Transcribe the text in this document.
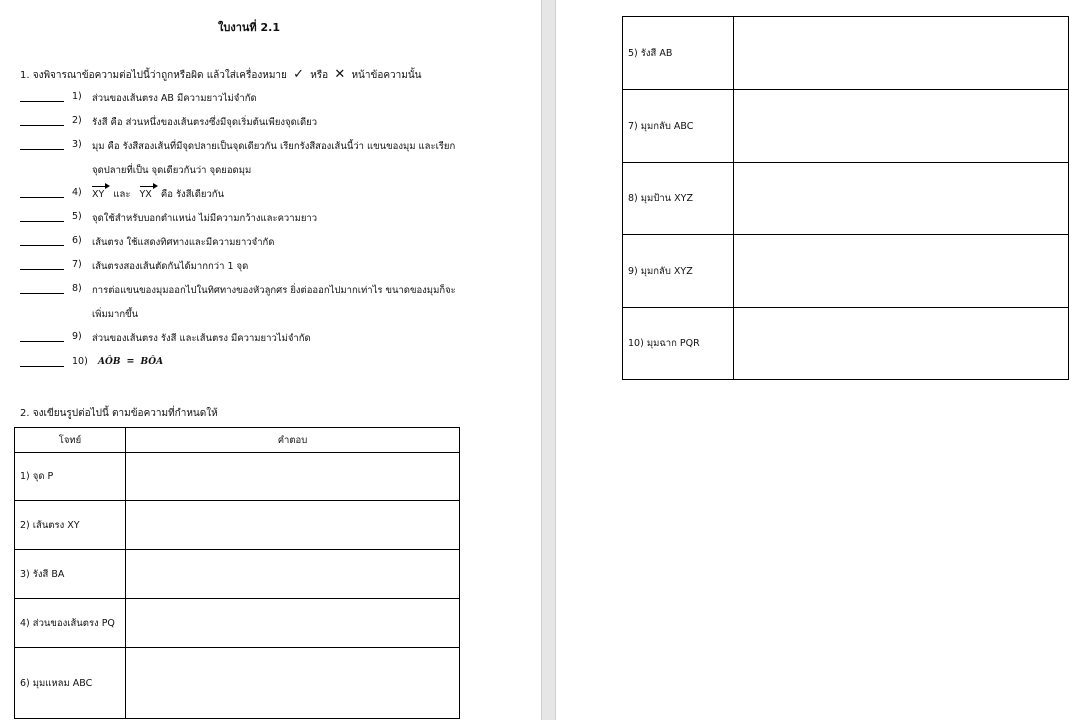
ใบงานที่ 2.1
1. จงพิจารณาข้อความต่อไปนี้ว่าถูกหรือผิด แล้วใส่เครื่องหมาย ✓ หรือ ✕ หน้าข้อความนั้น
1) ส่วนของเส้นตรง AB มีความยาวไม่จำกัด
2) รังสี คือ ส่วนหนึ่งของเส้นตรงซึ่งมีจุดเริ่มต้นเพียงจุดเดียว
3) มุม คือ รังสีสองเส้นที่มีจุดปลายเป็นจุดเดียวกัน เรียกรังสีสองเส้นนี้ว่า แขนของมุม และเรียก
จุดปลายที่เป็น จุดเดียวกันว่า จุดยอดมุม
4) XY และ YX คือ รังสีเดียวกัน
5) จุดใช้สำหรับบอกตำแหน่ง ไม่มีความกว้างและความยาว
6) เส้นตรง ใช้แสดงทิศทางและมีความยาวจำกัด
7) เส้นตรงสองเส้นตัดกันได้มากกว่า 1 จุด
8) การต่อแขนของมุมออกไปในทิศทางของหัวลูกศร ยิ่งต่อออกไปมากเท่าไร ขนาดของมุมก็จะ
เพิ่มมากขึ้น
9) ส่วนของเส้นตรง รังสี และเส้นตรง มีความยาวไม่จำกัด
10) AÔB = BÔA
2. จงเขียนรูปต่อไปนี้ ตามข้อความที่กำหนดให้
โจทย์	คำตอบ
1) จุด P	
2) เส้นตรง XY	
3) รังสี BA	
4) ส่วนของเส้นตรง PQ	
6) มุมแหลม ABC	
5) รังสี AB	
7) มุมกลับ ABC	
8) มุมป้าน XYZ	
9) มุมกลับ XYZ	
10) มุมฉาก PQR	
